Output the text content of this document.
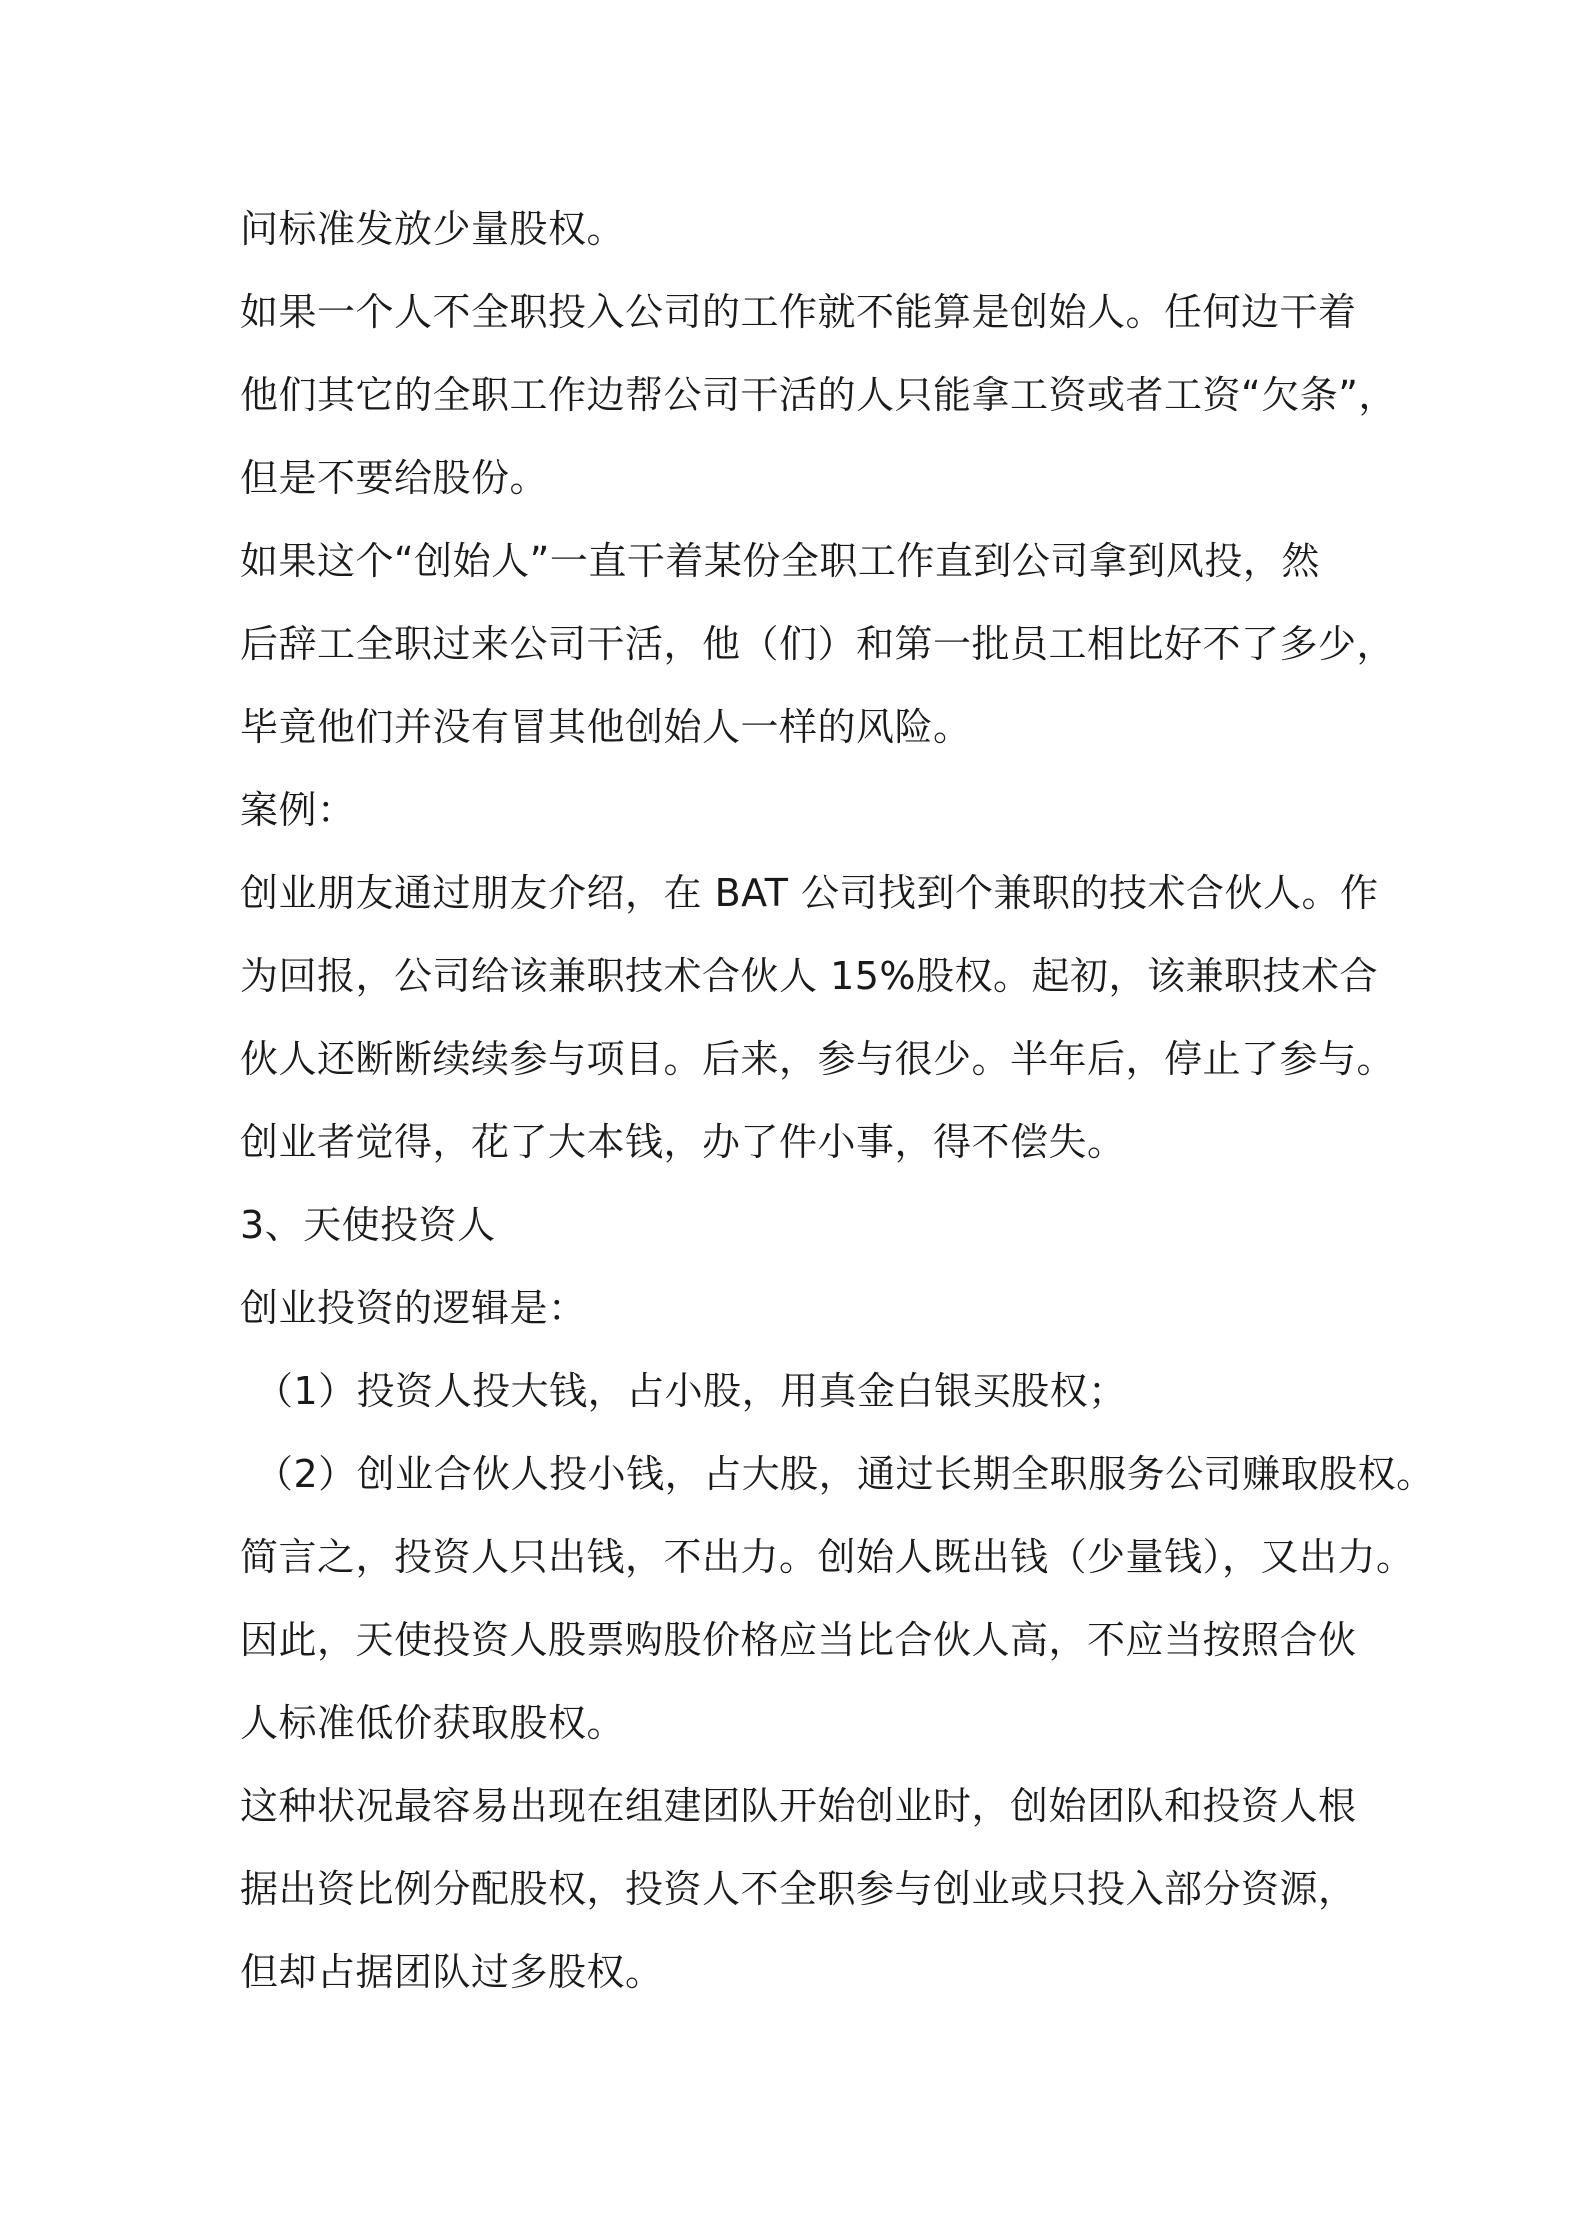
问标准发放少量股权。
如果一个人不全职投入公司的工作就不能算是创始人。任何边干着
他们其它的全职工作边帮公司干活的人只能拿工资或者工资“欠条”，
但是不要给股份。
如果这个“创始人”一直干着某份全职工作直到公司拿到风投，然
后辞工全职过来公司干活，他（们）和第一批员工相比好不了多少，
毕竟他们并没有冒其他创始人一样的风险。
案例：
创业朋友通过朋友介绍，在 BAT 公司找到个兼职的技术合伙人。作
为回报，公司给该兼职技术合伙人 15%股权。起初，该兼职技术合
伙人还断断续续参与项目。后来，参与很少。半年后，停止了参与。
创业者觉得，花了大本钱，办了件小事，得不偿失。
3、天使投资人
创业投资的逻辑是：
（1）投资人投大钱，占小股，用真金白银买股权；
（2）创业合伙人投小钱，占大股，通过长期全职服务公司赚取股权。
简言之，投资人只出钱，不出力。创始人既出钱（少量钱），又出力。
因此，天使投资人股票购股价格应当比合伙人高，不应当按照合伙
人标准低价获取股权。
这种状况最容易出现在组建团队开始创业时，创始团队和投资人根
据出资比例分配股权，投资人不全职参与创业或只投入部分资源，
但却占据团队过多股权。
